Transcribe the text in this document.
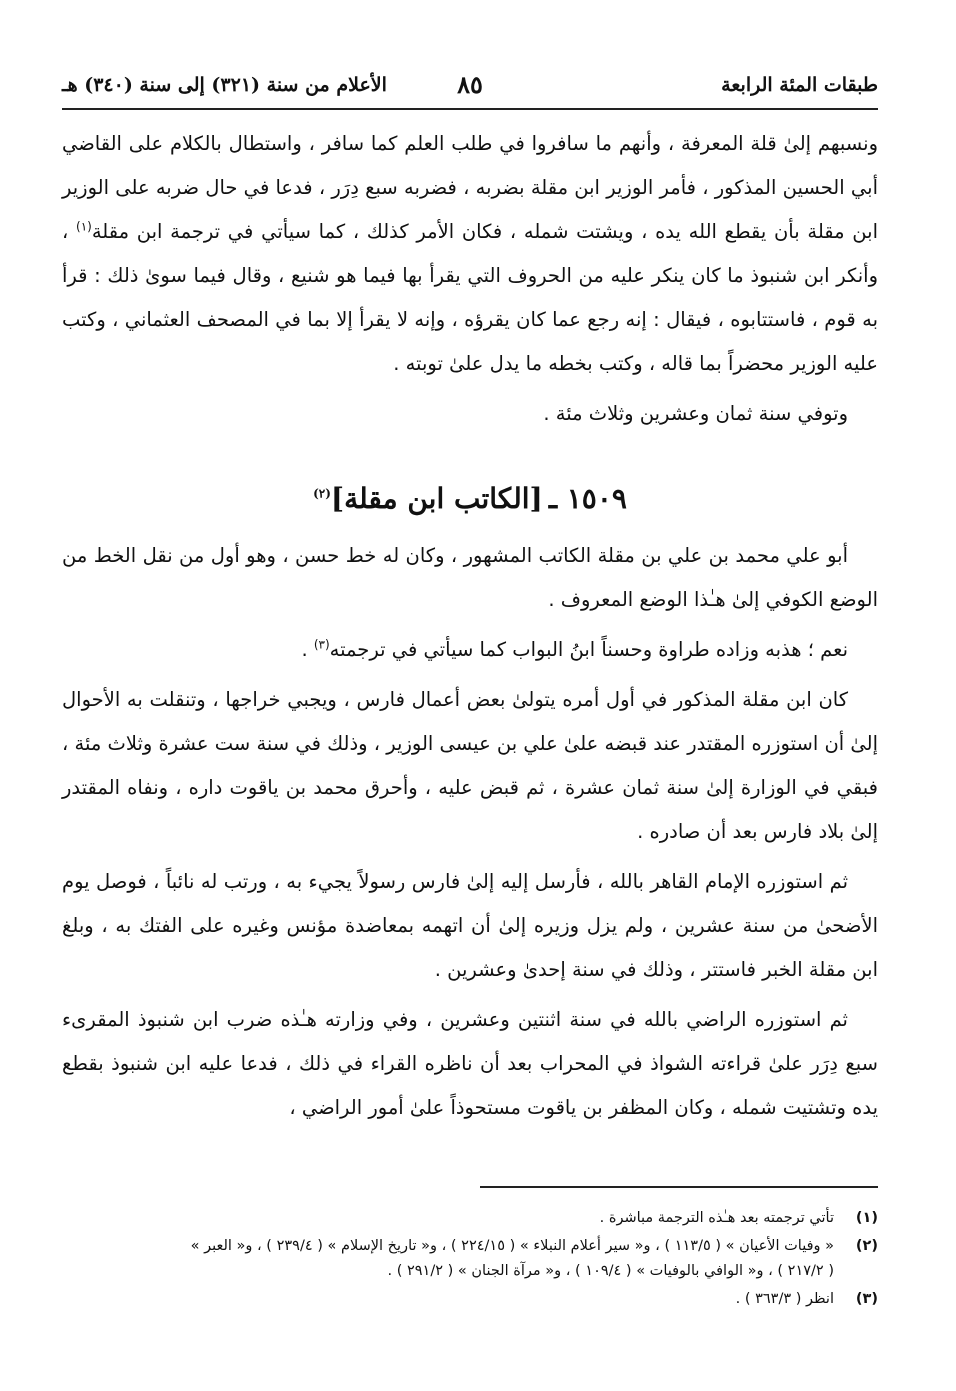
طبقات المئة الرابعة
٨٥
الأعلام من سنة (٣٢١) إلى سنة (٣٤٠) هـ

ونسبهم إلىٰ قلة المعرفة ، وأنهم ما سافروا في طلب العلم كما سافر ، واستطال بالكلام على القاضي أبي الحسين المذكور ، فأمر الوزير ابن مقلة بضربه ، فضربه سبع دِرَر ، فدعا في حال ضربه على الوزير ابن مقلة بأن يقطع الله يده ، ويشتت شمله ، فكان الأمر كذلك ، كما سيأتي في ترجمة ابن مقلة$^{(١)}$ ، وأنكر ابن شنبوذ ما كان ينكر عليه من الحروف التي يقرأ بها فيما هو شنيع ، وقال فيما سوىٰ ذلك : قرأ به قوم ، فاستتابوه ، فيقال : إنه رجع عما كان يقرؤه ، وإنه لا يقرأ إلا بما في المصحف العثماني ، وكتب عليه الوزير محضراً بما قاله ، وكتب بخطه ما يدل علىٰ توبته .

وتوفي سنة ثمان وعشرين وثلاث مئة .

١٥٠٩ ـ[الكاتب ابن مقلة]$^{(٢)}$

أبو علي محمد بن علي بن مقلة الكاتب المشهور ، وكان له خط حسن ، وهو أول من نقل الخط من الوضع الكوفي إلىٰ هـٰذا الوضع المعروف .

نعم ؛ هذبه وزاده طراوة وحسناً ابنُ البواب كما سيأتي في ترجمته$^{(٣)}$ .

كان ابن مقلة المذكور في أول أمره يتولىٰ بعض أعمال فارس ، ويجبي خراجها ، وتنقلت به الأحوال إلىٰ أن استوزره المقتدر عند قبضه علىٰ علي بن عيسى الوزير ، وذلك في سنة ست عشرة وثلاث مئة ، فبقي في الوزارة إلىٰ سنة ثمان عشرة ، ثم قبض عليه ، وأحرق محمد بن ياقوت داره ، ونفاه المقتدر إلىٰ بلاد فارس بعد أن صادره .

ثم استوزره الإمام القاهر بالله ، فأرسل إليه إلىٰ فارس رسولاً يجيء به ، ورتب له نائباً ، فوصل يوم الأضحىٰ من سنة عشرين ، ولم يزل وزيره إلىٰ أن اتهمه بمعاضدة مؤنس وغيره على الفتك به ، وبلغ ابن مقلة الخبر فاستتر ، وذلك في سنة إحدىٰ وعشرين .

ثم استوزره الراضي بالله في سنة اثنتين وعشرين ، وفي وزارته هـٰذه ضرب ابن شنبوذ المقرىء سبع دِرَر علىٰ قراءته الشواذ في المحراب بعد أن ناظره القراء في ذلك ، فدعا عليه ابن شنبوذ بقطع يده وتشتيت شمله ، وكان المظفر بن ياقوت مستحوذاً علىٰ أمور الراضي ،

(١)
تأتي ترجمته بعد هـٰذه الترجمة مباشرة .
(٢)
« وفيات الأعيان » ( ١١٣/٥ ) ، و« سير أعلام النبلاء » ( ٢٢٤/١٥ ) ، و« تاريخ الإسلام » ( ٢٣٩/٤ ) ، و« العبر »
( ٢١٧/٢ ) ، و« الوافي بالوفيات » ( ١٠٩/٤ ) ، و« مرآة الجنان » ( ٢٩١/٢ ) .
(٣)
انظر ( ٣٦٣/٣ ) .
